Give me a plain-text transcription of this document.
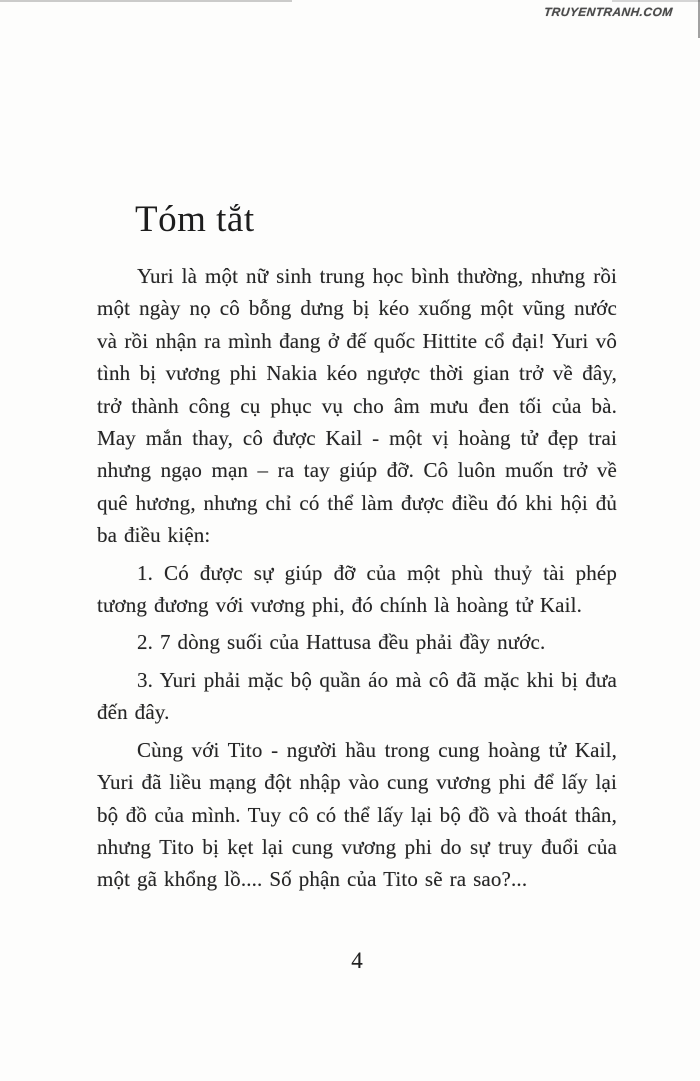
TRUYENTRANH.COM
Tóm tắt

Yuri là một nữ sinh trung học bình thường, nhưng rồi một ngày nọ cô bỗng dưng bị kéo xuống một vũng nước và rồi nhận ra mình đang ở đế quốc Hittite cổ đại! Yuri vô tình bị vương phi Nakia kéo ngược thời gian trở về đây, trở thành công cụ phục vụ cho âm mưu đen tối của bà. May mắn thay, cô được Kail - một vị hoàng tử đẹp trai nhưng ngạo mạn – ra tay giúp đỡ. Cô luôn muốn trở về quê hương, nhưng chỉ có thể làm được điều đó khi hội đủ ba điều kiện:

1. Có được sự giúp đỡ của một phù thuỷ tài phép tương đương với vương phi, đó chính là hoàng tử Kail.

2. 7 dòng suối của Hattusa đều phải đầy nước.

3. Yuri phải mặc bộ quần áo mà cô đã mặc khi bị đưa đến đây.

Cùng với Tito - người hầu trong cung hoàng tử Kail, Yuri đã liều mạng đột nhập vào cung vương phi để lấy lại bộ đồ của mình. Tuy cô có thể lấy lại bộ đồ và thoát thân, nhưng Tito bị kẹt lại cung vương phi do sự truy đuổi của một gã khổng lồ.... Số phận của Tito sẽ ra sao?...

4
